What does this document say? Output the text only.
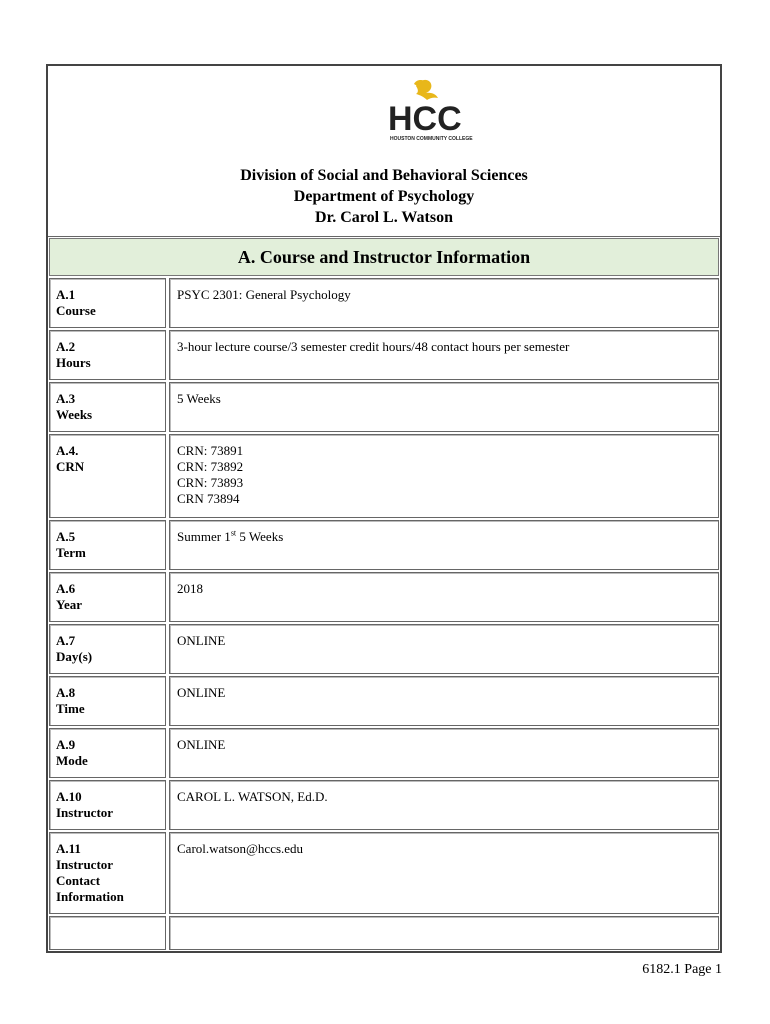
HCC
HOUSTON COMMUNITY COLLEGE
Division of Social and Behavioral Sciences
Department of Psychology
Dr. Carol L. Watson
A. Course and Instructor Information
A.1
Course
PSYC 2301: General Psychology
A.2
Hours
3-hour lecture course/3 semester credit hours/48 contact hours per semester
A.3
Weeks
5 Weeks
A.4.
CRN
CRN: 73891
CRN: 73892
CRN: 73893
CRN 73894
A.5
Term
Summer 1st 5 Weeks
A.6
Year
2018
A.7
Day(s)
ONLINE
A.8
Time
ONLINE
A.9
Mode
ONLINE
A.10
Instructor
CAROL L. WATSON, Ed.D.
A.11
Instructor
Contact
Information
Carol.watson@hccs.edu
6182.1 Page 1
